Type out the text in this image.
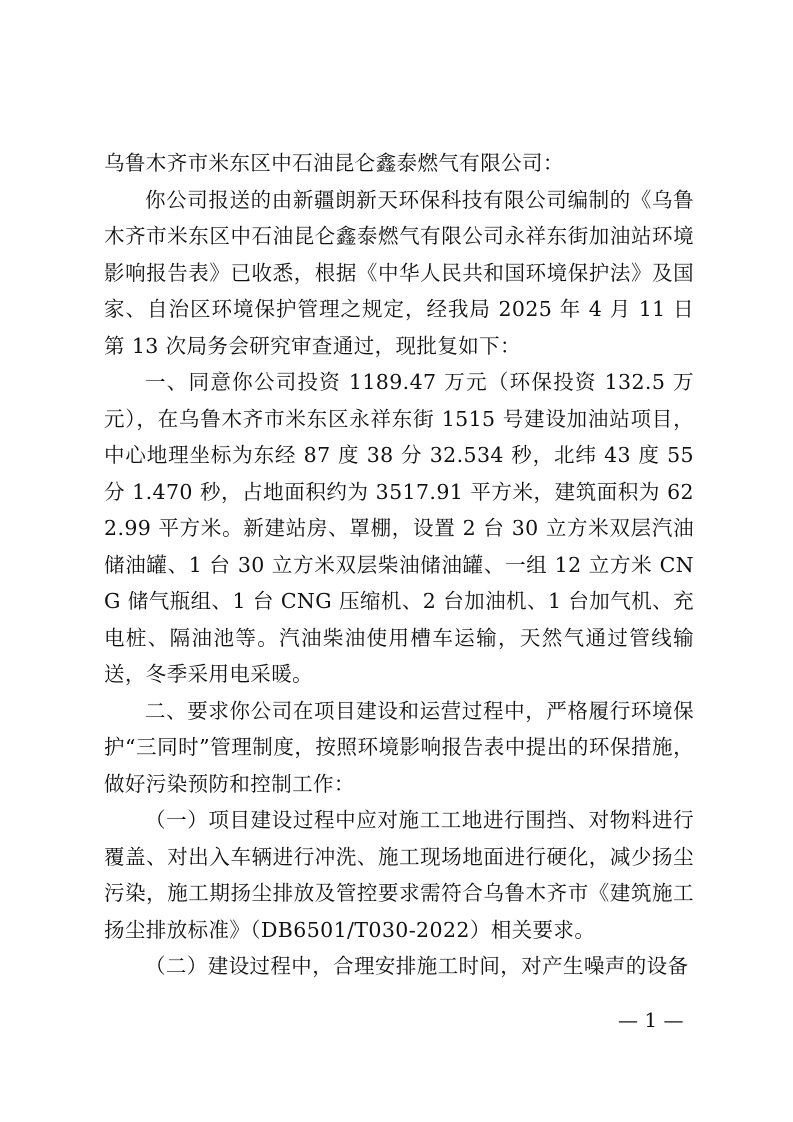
乌鲁木齐市米东区中石油昆仑鑫泰燃气有限公司：

你公司报送的由新疆朗新天环保科技有限公司编制的《乌鲁木齐市米东区中石油昆仑鑫泰燃气有限公司永祥东街加油站环境影响报告表》已收悉，根据《中华人民共和国环境保护法》及国家、自治区环境保护管理之规定，经我局 2025 年 4 月 11 日第 13 次局务会研究审查通过，现批复如下：

一、同意你公司投资 1189.47 万元（环保投资 132.5 万元），在乌鲁木齐市米东区永祥东街 1515 号建设加油站项目，中心地理坐标为东经 87 度 38 分 32.534 秒，北纬 43 度 55 分 1.470 秒，占地面积约为 3517.91 平方米，建筑面积为 622.99 平方米。新建站房、罩棚，设置 2 台 30 立方米双层汽油储油罐、1 台 30 立方米双层柴油储油罐、一组 12 立方米 CNG 储气瓶组、1 台 CNG 压缩机、2 台加油机、1 台加气机、充电桩、隔油池等。汽油柴油使用槽车运输，天然气通过管线输送，冬季采用电采暖。

二、要求你公司在项目建设和运营过程中，严格履行环境保护“三同时”管理制度，按照环境影响报告表中提出的环保措施，做好污染预防和控制工作：

（一）项目建设过程中应对施工工地进行围挡、对物料进行覆盖、对出入车辆进行冲洗、施工现场地面进行硬化，减少扬尘污染，施工期扬尘排放及管控要求需符合乌鲁木齐市《建筑施工扬尘排放标准》（DB6501/T030-2022）相关要求。

（二）建设过程中，合理安排施工时间，对产生噪声的设备

— 1 —
